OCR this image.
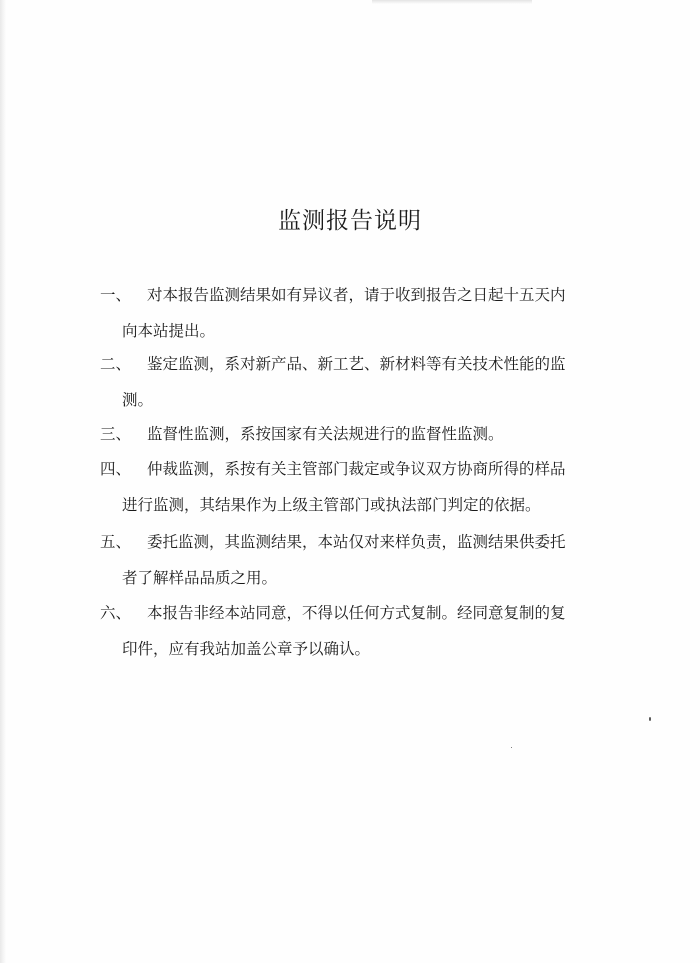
监测报告说明
一、 对本报告监测结果如有异议者，请于收到报告之日起十五天内
向本站提出。
二、 鉴定监测，系对新产品、新工艺、新材料等有关技术性能的监
测。
三、 监督性监测，系按国家有关法规进行的监督性监测。
四、 仲裁监测，系按有关主管部门裁定或争议双方协商所得的样品
进行监测，其结果作为上级主管部门或执法部门判定的依据。
五、 委托监测，其监测结果，本站仅对来样负责，监测结果供委托
者了解样品品质之用。
六、 本报告非经本站同意，不得以任何方式复制。经同意复制的复
印件，应有我站加盖公章予以确认。
